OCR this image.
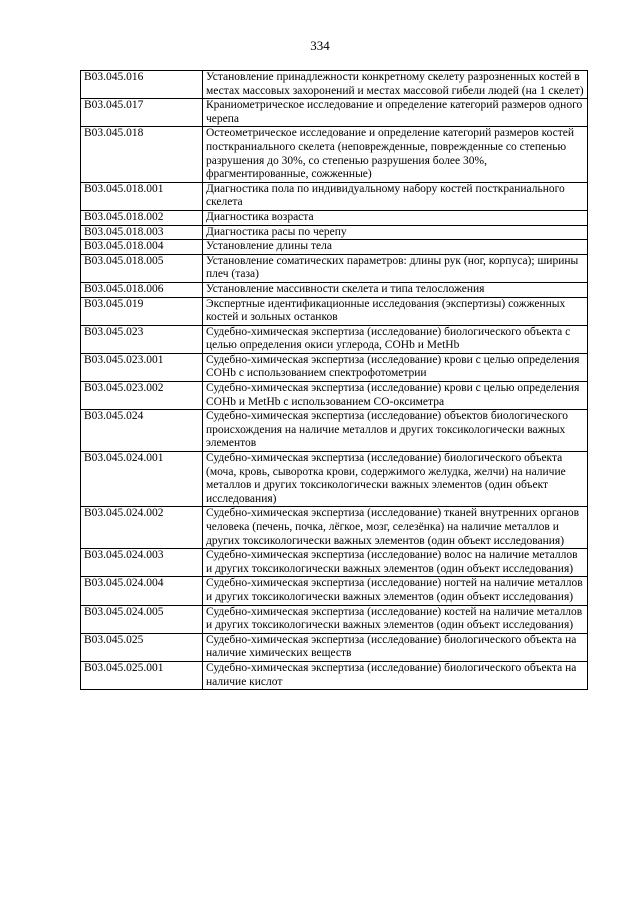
334
B03.045.016	Установление принадлежности конкретному скелету разрозненных костей в местах массовых захоронений и местах массовой гибели людей (на 1 скелет)
B03.045.017	Краниометрическое исследование и определение категорий размеров одного черепа
B03.045.018	Остеометрическое исследование и определение категорий размеров костей посткраниального скелета (неповрежденные, поврежденные со степенью разрушения до 30%, со степенью разрушения более 30%, фрагментированные, сожженные)
B03.045.018.001	Диагностика пола по индивидуальному набору костей посткраниального скелета
B03.045.018.002	Диагностика возраста
B03.045.018.003	Диагностика расы по черепу
B03.045.018.004	Установление длины тела
B03.045.018.005	Установление соматических параметров: длины рук (ног, корпуса); ширины плеч (таза)
B03.045.018.006	Установление массивности скелета и типа телосложения
B03.045.019	Экспертные идентификационные исследования (экспертизы) сожженных костей и зольных останков
B03.045.023	Судебно-химическая экспертиза (исследование) биологического объекта с целью определения окиси углерода, COHb и MetHb
B03.045.023.001	Судебно-химическая экспертиза (исследование) крови с целью определения COHb с использованием спектрофотометрии
B03.045.023.002	Судебно-химическая экспертиза (исследование) крови с целью определения COHb и MetHb с использованием CO-оксиметра
B03.045.024	Судебно-химическая экспертиза (исследование) объектов биологического происхождения на наличие металлов и других токсикологически важных элементов
B03.045.024.001	Судебно-химическая экспертиза (исследование) биологического объекта (моча, кровь, сыворотка крови, содержимого желудка, желчи) на наличие металлов и других токсикологически важных элементов (один объект исследования)
B03.045.024.002	Судебно-химическая экспертиза (исследование) тканей внутренних органов человека (печень, почка, лёгкое, мозг, селезёнка) на наличие металлов и других токсикологически важных элементов (один объект исследования)
B03.045.024.003	Судебно-химическая экспертиза (исследование) волос на наличие металлов и других токсикологически важных элементов (один объект исследования)
B03.045.024.004	Судебно-химическая экспертиза (исследование) ногтей на наличие металлов и других токсикологически важных элементов (один объект исследования)
B03.045.024.005	Судебно-химическая экспертиза (исследование) костей на наличие металлов и других токсикологически важных элементов (один объект исследования)
B03.045.025	Судебно-химическая экспертиза (исследование) биологического объекта на наличие химических веществ
B03.045.025.001	Судебно-химическая экспертиза (исследование) биологического объекта на наличие кислот
